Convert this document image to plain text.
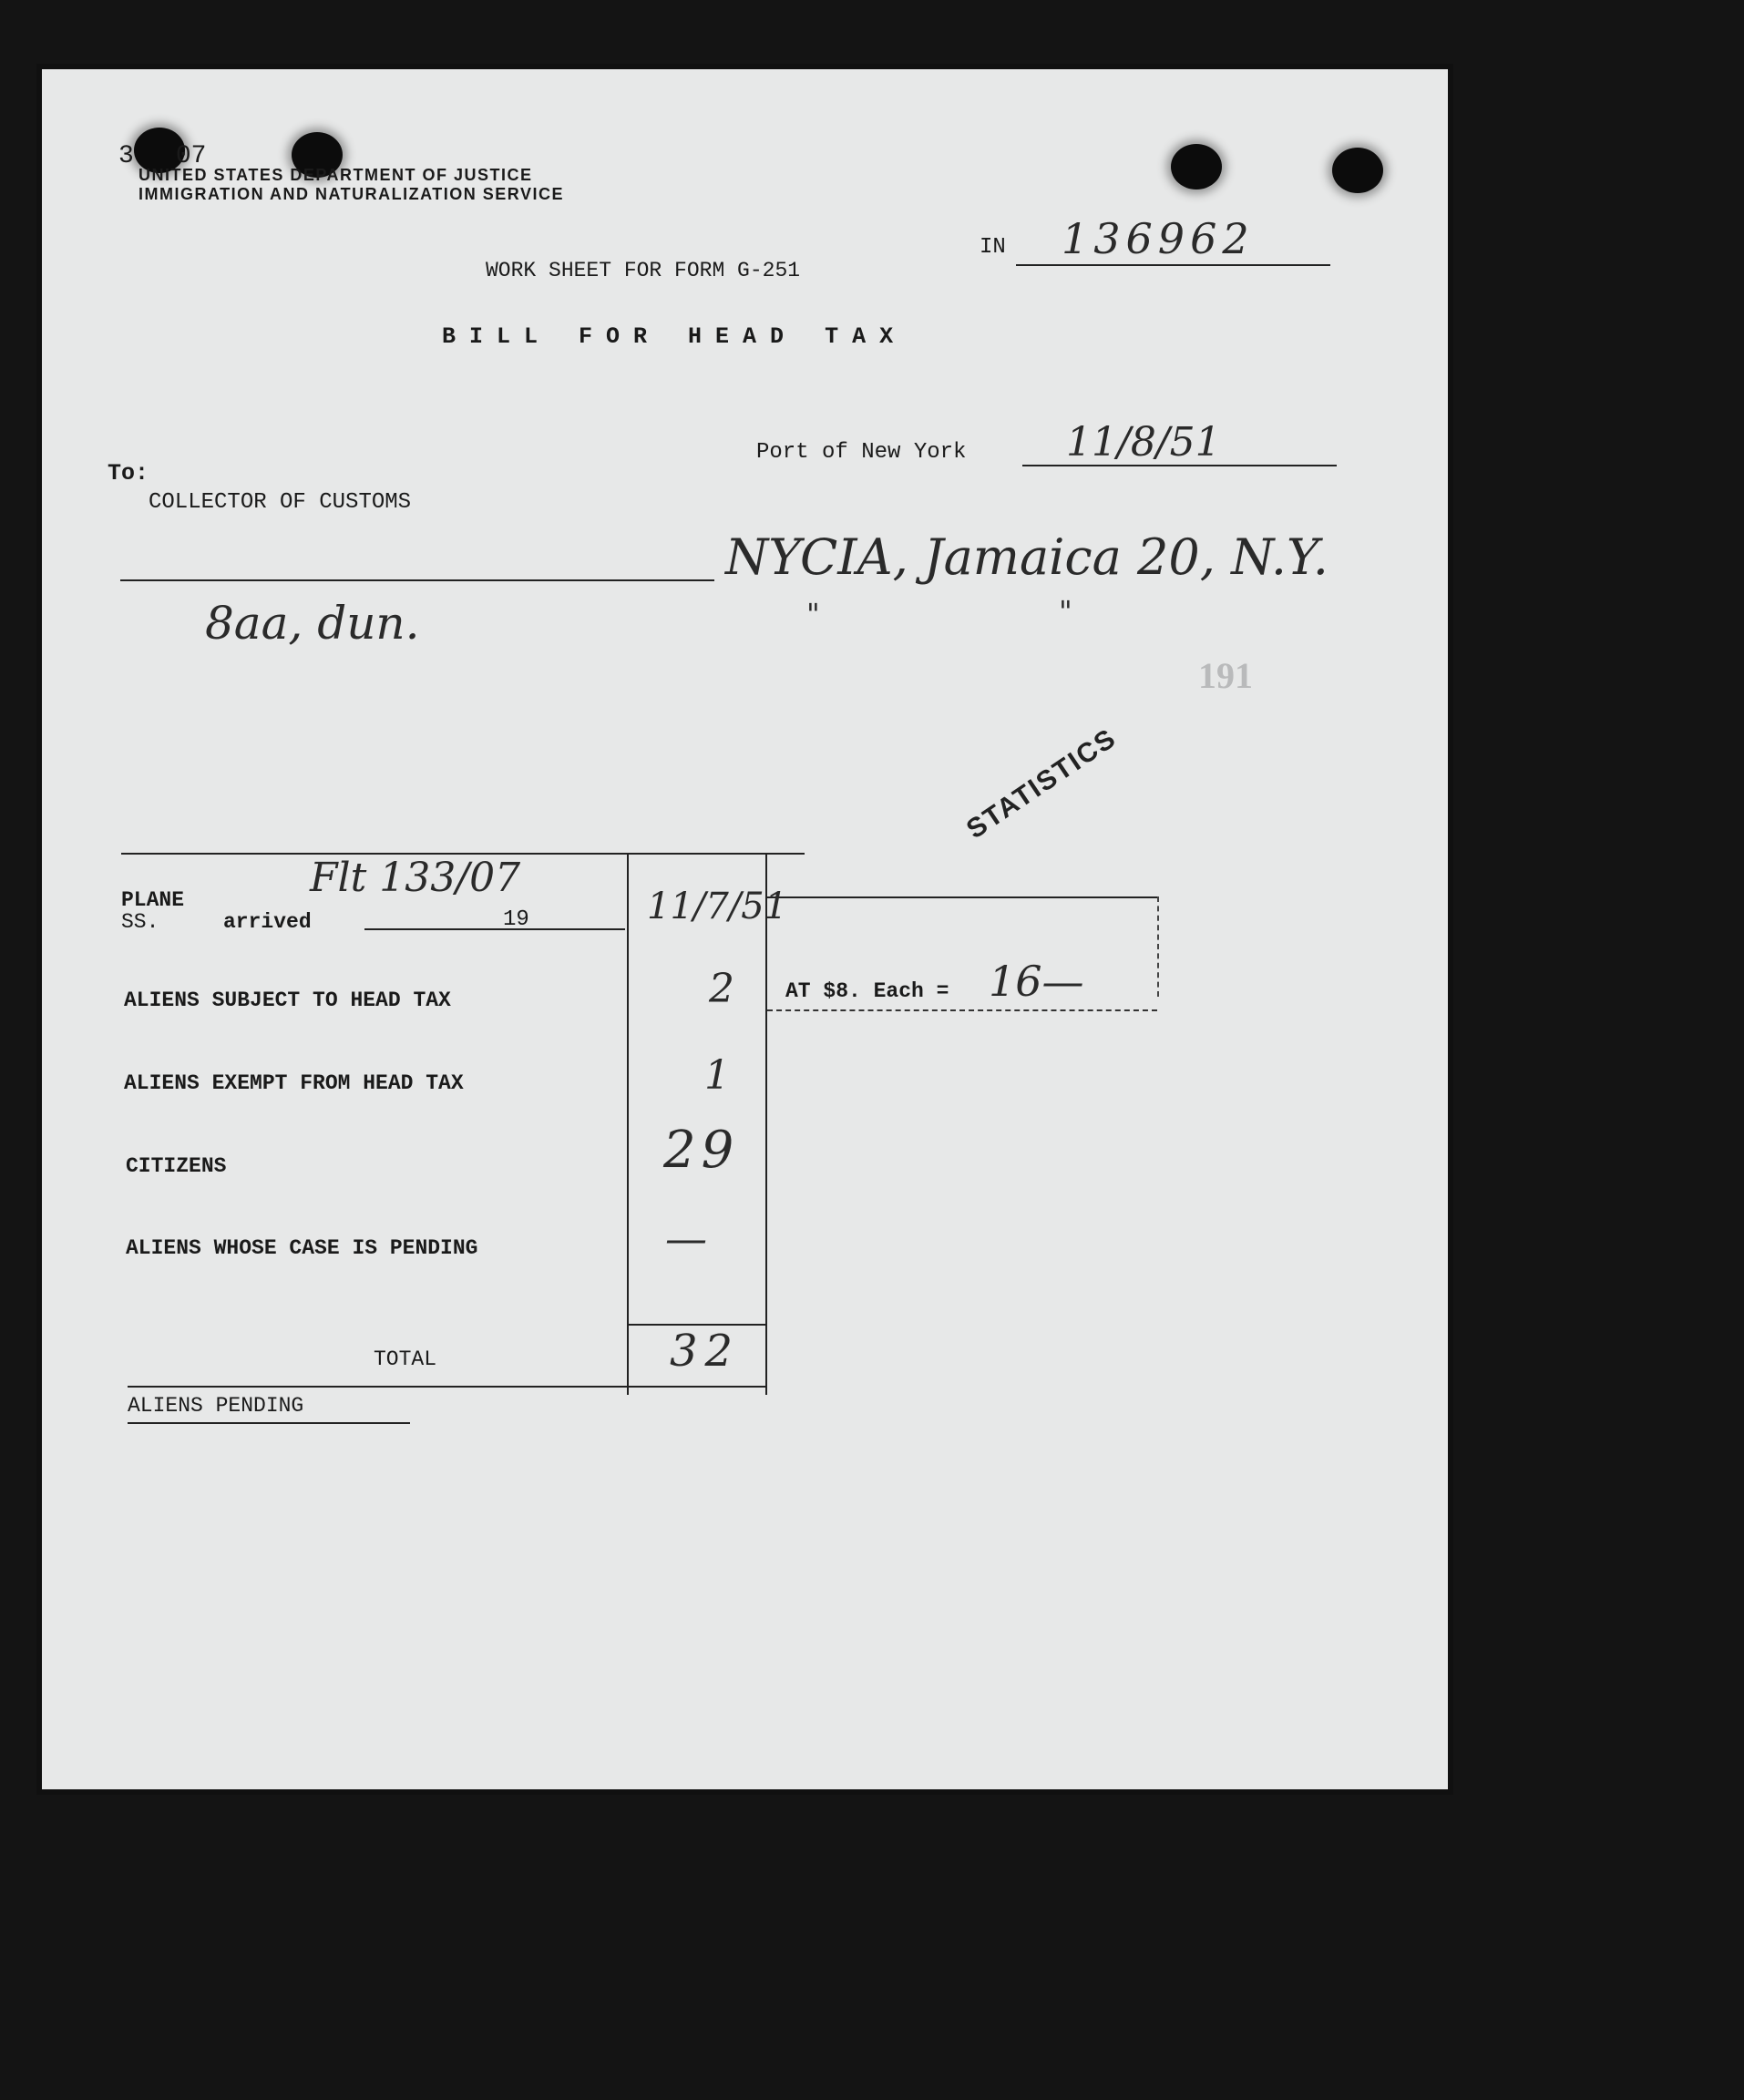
3 07
UNITED STATES DEPARTMENT OF JUSTICE
IMMIGRATION AND NATURALIZATION SERVICE
WORK SHEET FOR FORM G-251
B I L L   F O R   H E A D   T A X
IN 136962
Port of New York 11/8/51
To:
COLLECTOR OF CUSTOMS
NYCIA, Jamaica 20, N.Y.
"	"
8aa, dun.
191
STATISTICS
AT $8. Each = 16—
PLANE
SS.	arrived	19
Flt 133/07
11/7/51
ALIENS SUBJECT TO HEAD TAX	2
ALIENS EXEMPT FROM HEAD TAX	1
CITIZENS	29
ALIENS WHOSE CASE IS PENDING	—
TOTAL	32
ALIENS PENDING
